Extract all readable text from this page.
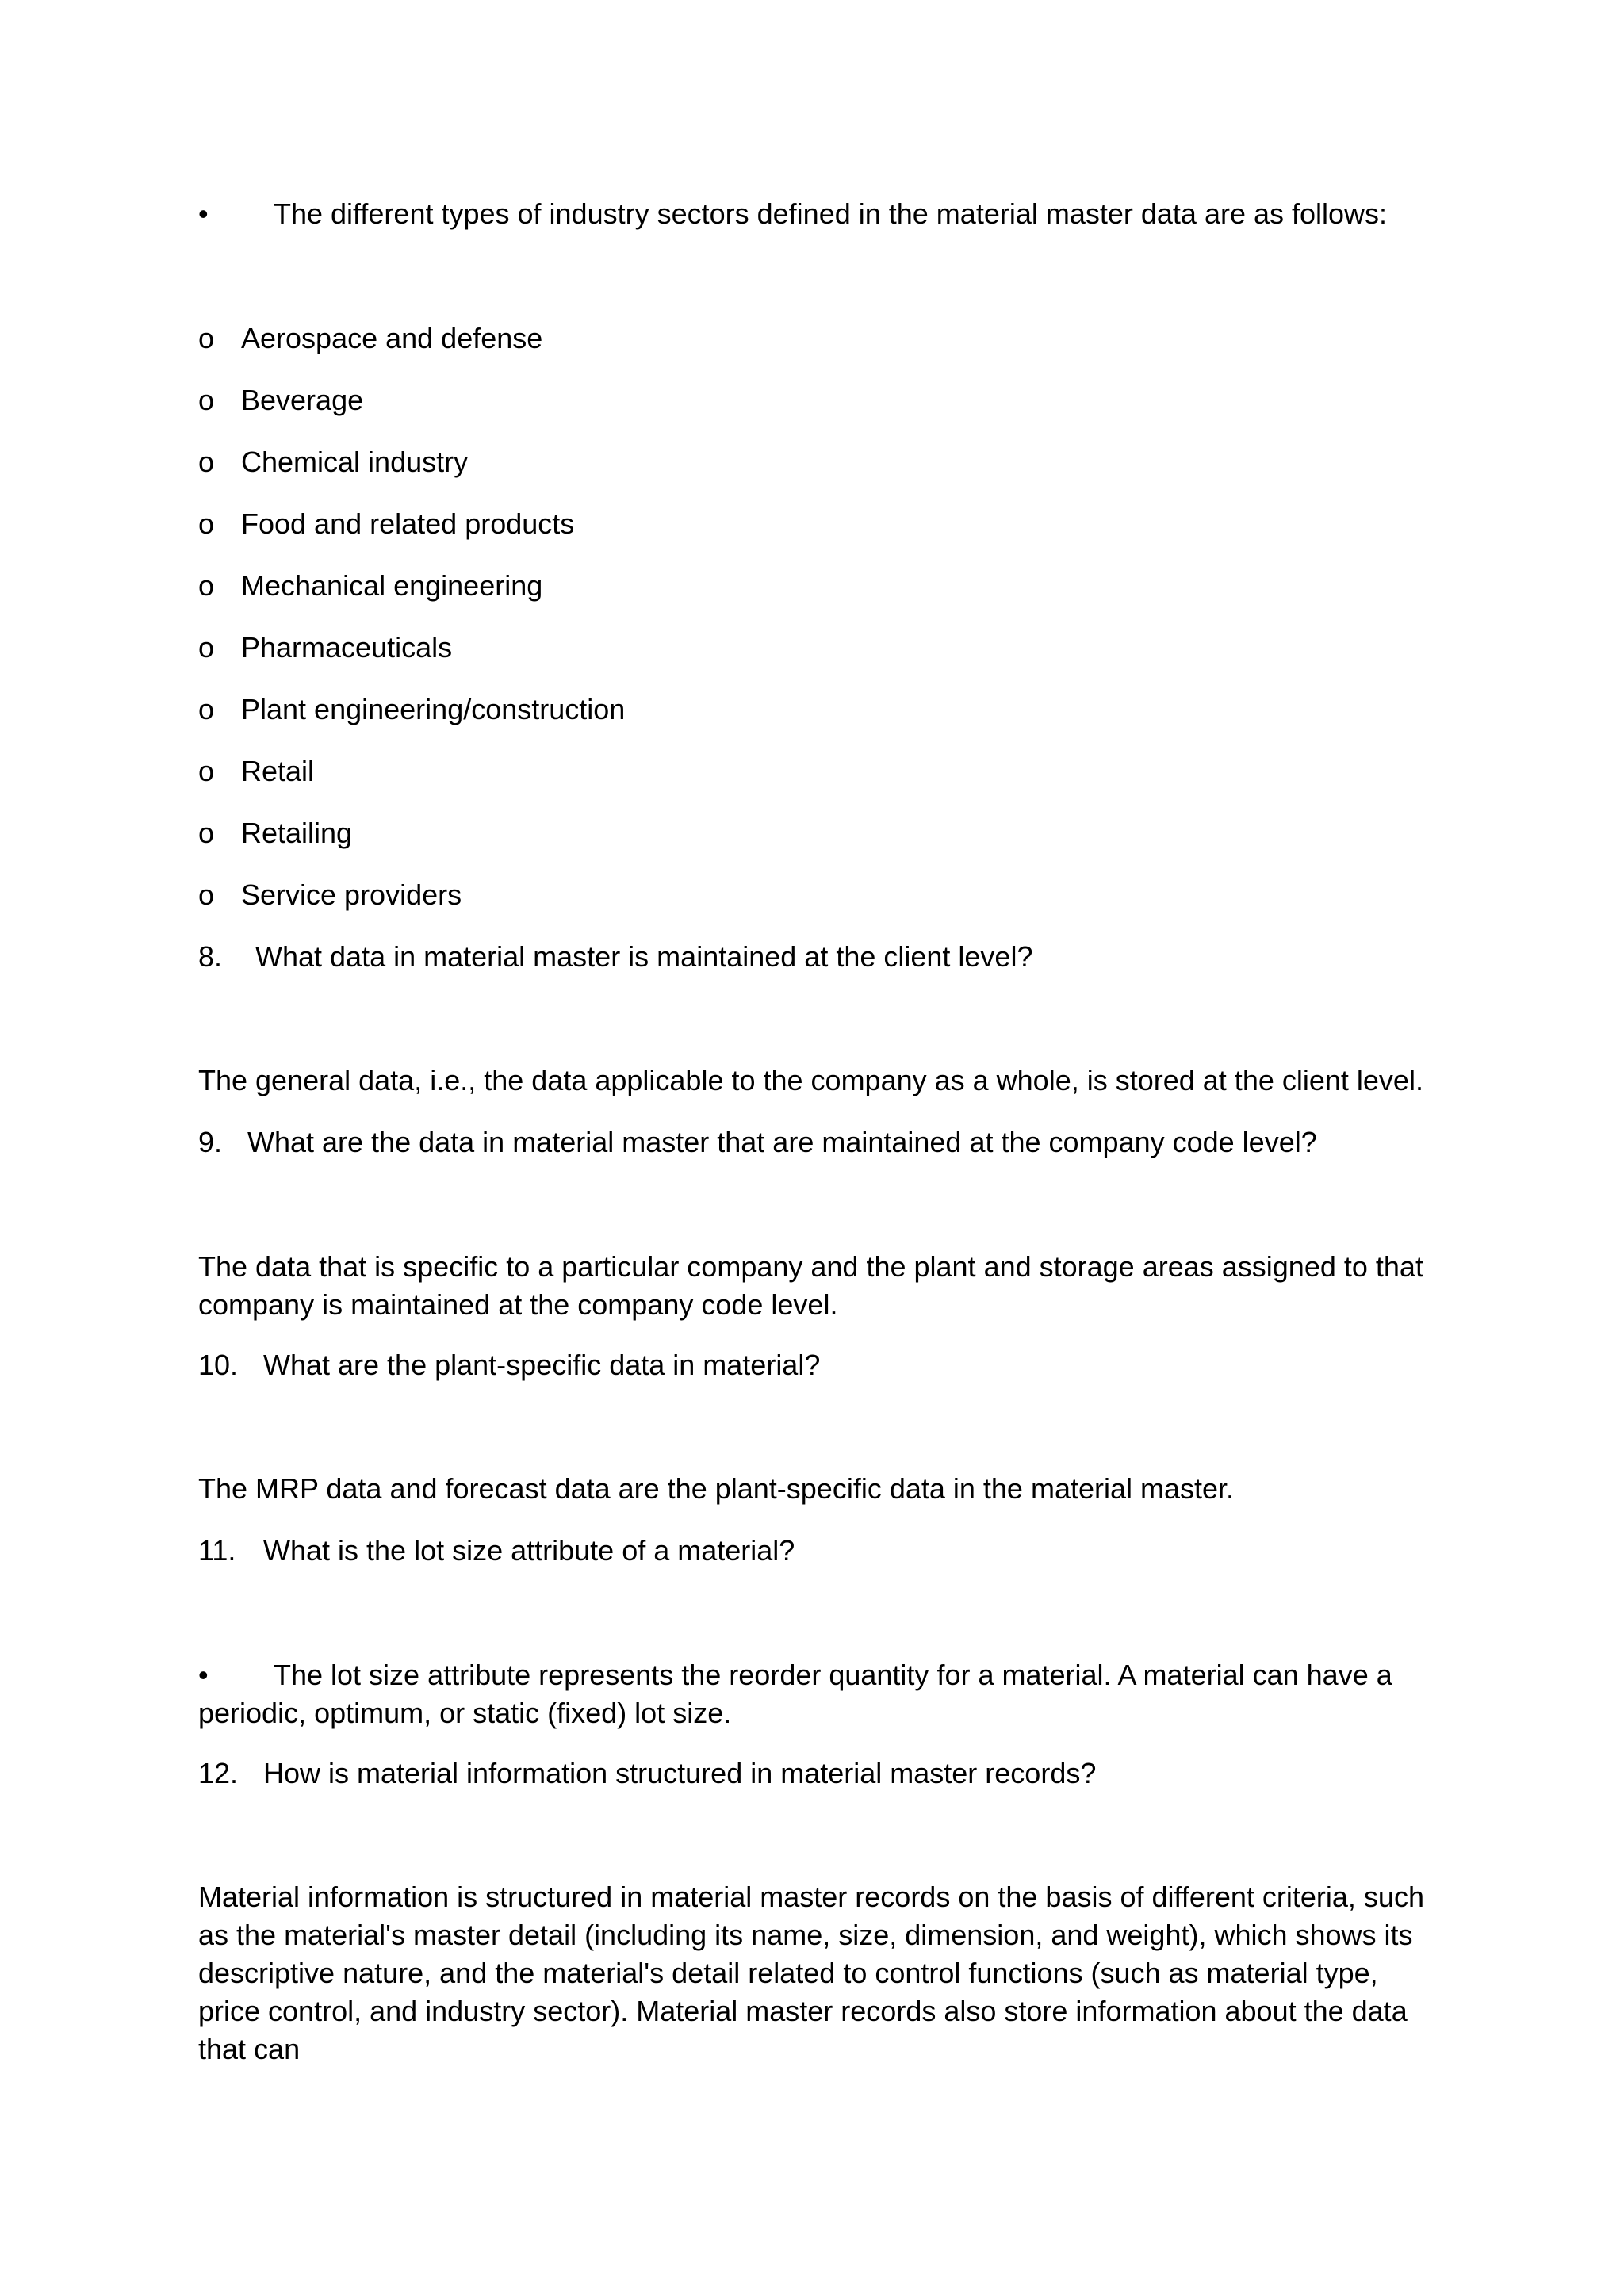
• The different types of industry sectors defined in the material master data are as follows:
o Aerospace and defense
o Beverage
o Chemical industry
o Food and related products
o Mechanical engineering
o Pharmaceuticals
o Plant engineering/construction
o Retail
o Retailing
o Service providers
8. What data in material master is maintained at the client level?
The general data, i.e., the data applicable to the company as a whole, is stored at the client level.
9. What are the data in material master that are maintained at the company code level?
The data that is specific to a particular company and the plant and storage areas assigned to that company is maintained at the company code level.
10. What are the plant-specific data in material?
The MRP data and forecast data are the plant-specific data in the material master.
11. What is the lot size attribute of a material?
• The lot size attribute represents the reorder quantity for a material. A material can have a periodic, optimum, or static (fixed) lot size.
12. How is material information structured in material master records?
Material information is structured in material master records on the basis of different criteria, such as the material's master detail (including its name, size, dimension, and weight), which shows its descriptive nature, and the material's detail related to control functions (such as material type, price control, and industry sector). Material master records also store information about the data that can
